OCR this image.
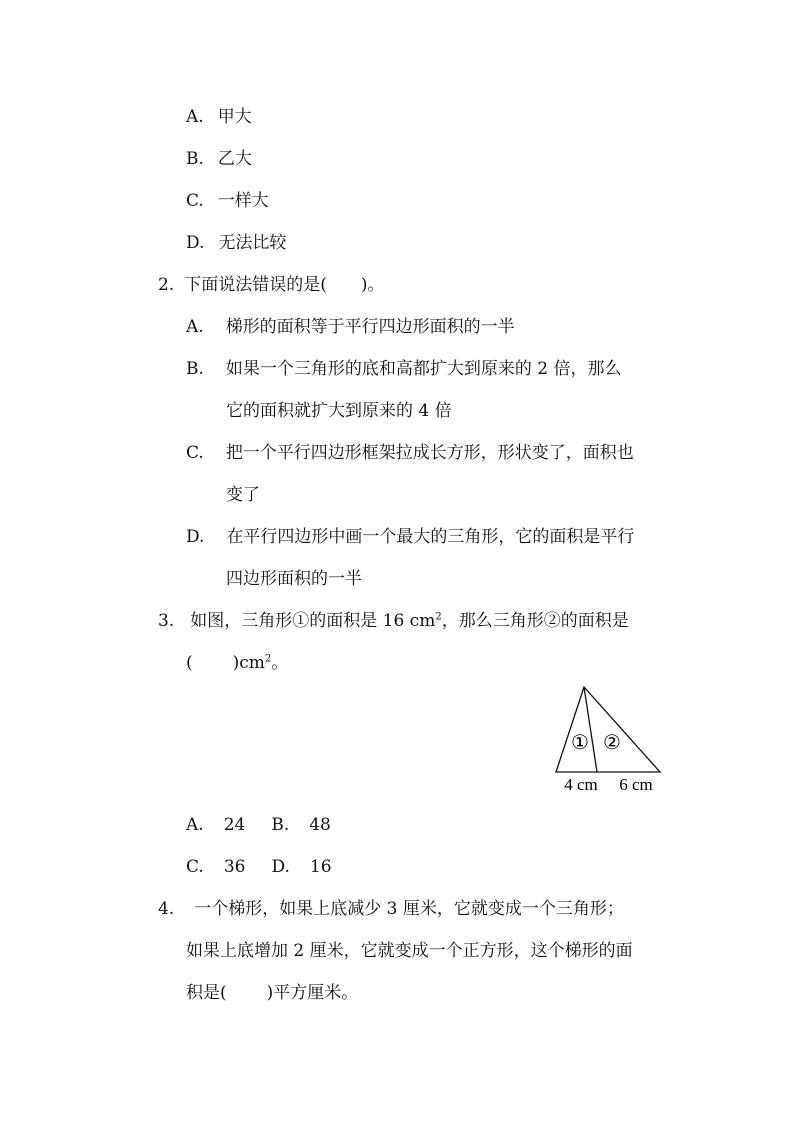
A. 甲大
B. 乙大
C. 一样大
D. 无法比较
2. 下面说法错误的是( )。
A. 梯形的面积等于平行四边形面积的一半
B. 如果一个三角形的底和高都扩大到原来的 2 倍，那么
它的面积就扩大到原来的 4 倍
C. 把一个平行四边形框架拉成长方形，形状变了，面积也
变了
D. 在平行四边形中画一个最大的三角形，它的面积是平行
四边形面积的一半
3. 如图，三角形①的面积是 16 $cm^2$，那么三角形②的面积是
( )$cm^2$。
① ②
4 cm 6 cm
A. 24 B. 48
C. 36 D. 16
4. 一个梯形，如果上底减少 3 厘米，它就变成一个三角形；
如果上底增加 2 厘米，它就变成一个正方形，这个梯形的面
积是( )平方厘米。
